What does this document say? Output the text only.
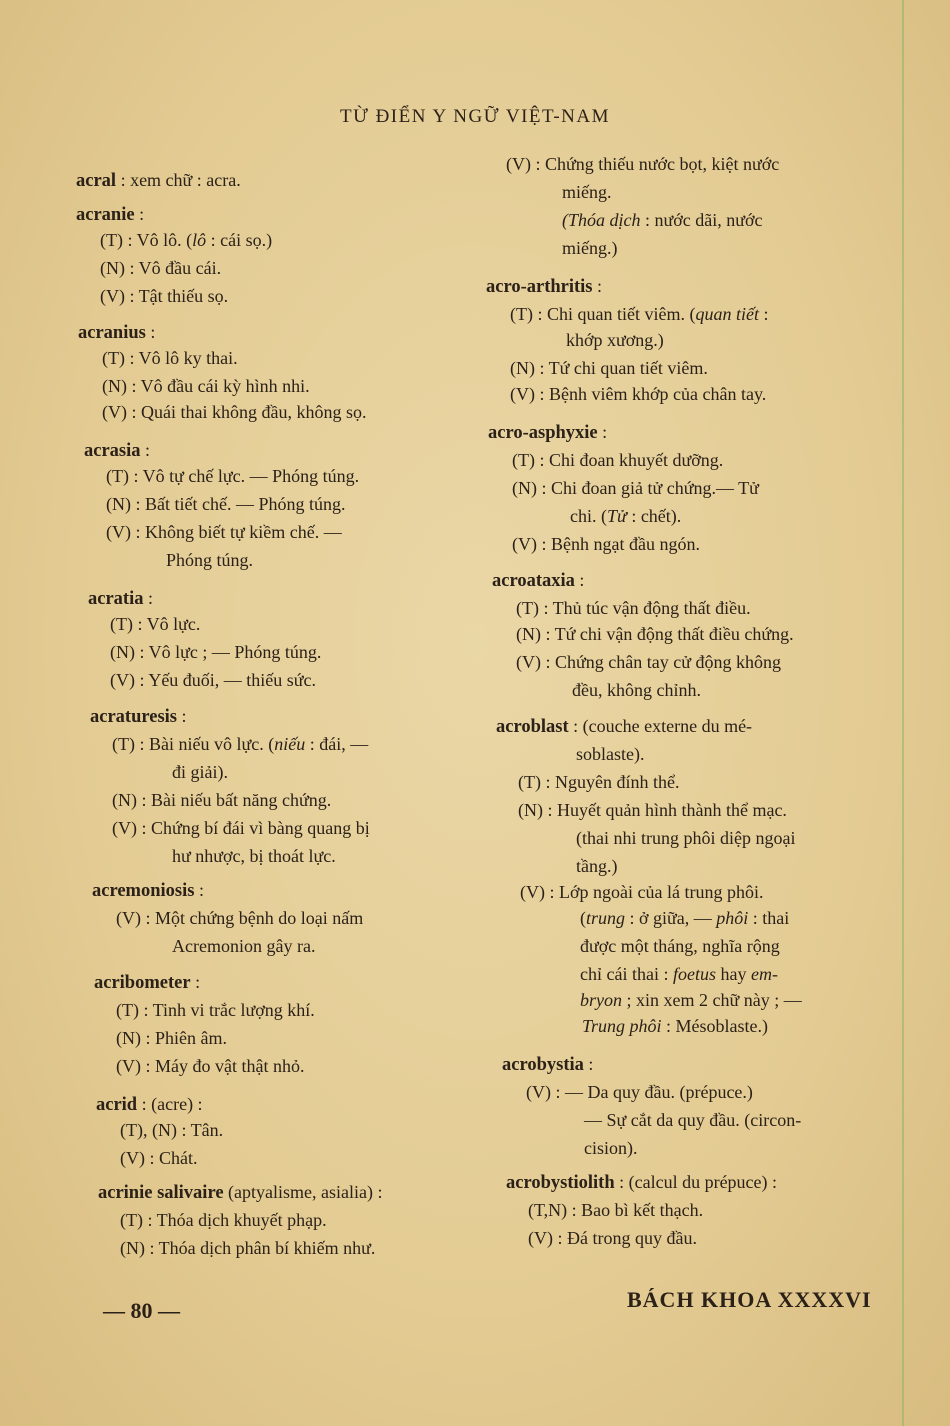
TỪ ĐIỂN Y NGỮ VIỆT-NAM
acral : xem chữ : acra.
acranie :
(T) : Vô lô. (lô : cái sọ.)
(N) : Vô đầu cái.
(V) : Tật thiếu sọ.
acranius :
(T) : Vô lô ky thai.
(N) : Vô đầu cái kỳ hình nhi.
(V) : Quái thai không đầu, không sọ.
acrasia :
(T) : Vô tự chế lực. — Phóng túng.
(N) : Bất tiết chế. — Phóng túng.
(V) : Không biết tự kiềm chế. —
Phóng túng.
acratia :
(T) : Vô lực.
(N) : Vô lực ; — Phóng túng.
(V) : Yếu đuối, — thiếu sức.
acraturesis :
(T) : Bài niếu vô lực. (niếu : đái, —
đi giải).
(N) : Bài niếu bất năng chứng.
(V) : Chứng bí đái vì bàng quang bị
hư nhược, bị thoát lực.
acremoniosis :
(V) : Một chứng bệnh do loại nấm
Acremonion gây ra.
acribometer :
(T) : Tinh vi trắc lượng khí.
(N) : Phiên âm.
(V) : Máy đo vật thật nhỏ.
acrid : (acre) :
(T), (N) : Tân.
(V) : Chát.
acrinie salivaire (aptyalisme, asialia) :
(T) : Thóa dịch khuyết phạp.
(N) : Thóa dịch phân bí khiếm như.
(V) : Chứng thiếu nước bọt, kiệt nước
miếng.
(Thóa dịch : nước dãi, nước
miếng.)
acro-arthritis :
(T) : Chi quan tiết viêm. (quan tiết :
khớp xương.)
(N) : Tứ chi quan tiết viêm.
(V) : Bệnh viêm khớp của chân tay.
acro-asphyxie :
(T) : Chi đoan khuyết dưỡng.
(N) : Chi đoan giả tử chứng.— Tử
chi. (Tử : chết).
(V) : Bệnh ngạt đầu ngón.
acroataxia :
(T) : Thủ túc vận động thất điều.
(N) : Tứ chi vận động thất điều chứng.
(V) : Chứng chân tay cử động không
đều, không chỉnh.
acroblast : (couche externe du mé-
soblaste).
(T) : Nguyên đính thể.
(N) : Huyết quản hình thành thể mạc.
(thai nhi trung phôi diệp ngoại
tầng.)
(V) : Lớp ngoài của lá trung phôi.
(trung : ở giữa, — phôi : thai
được một tháng, nghĩa rộng
chỉ cái thai : foetus hay em-
bryon ; xin xem 2 chữ này ; —
Trung phôi : Mésoblaste.)
acrobystia :
(V) : — Da quy đầu. (prépuce.)
— Sự cắt da quy đầu. (circon-
cision).
acrobystiolith : (calcul du prépuce) :
(T,N) : Bao bì kết thạch.
(V) : Đá trong quy đầu.
— 80 —	BÁCH KHOA XXXXVI
